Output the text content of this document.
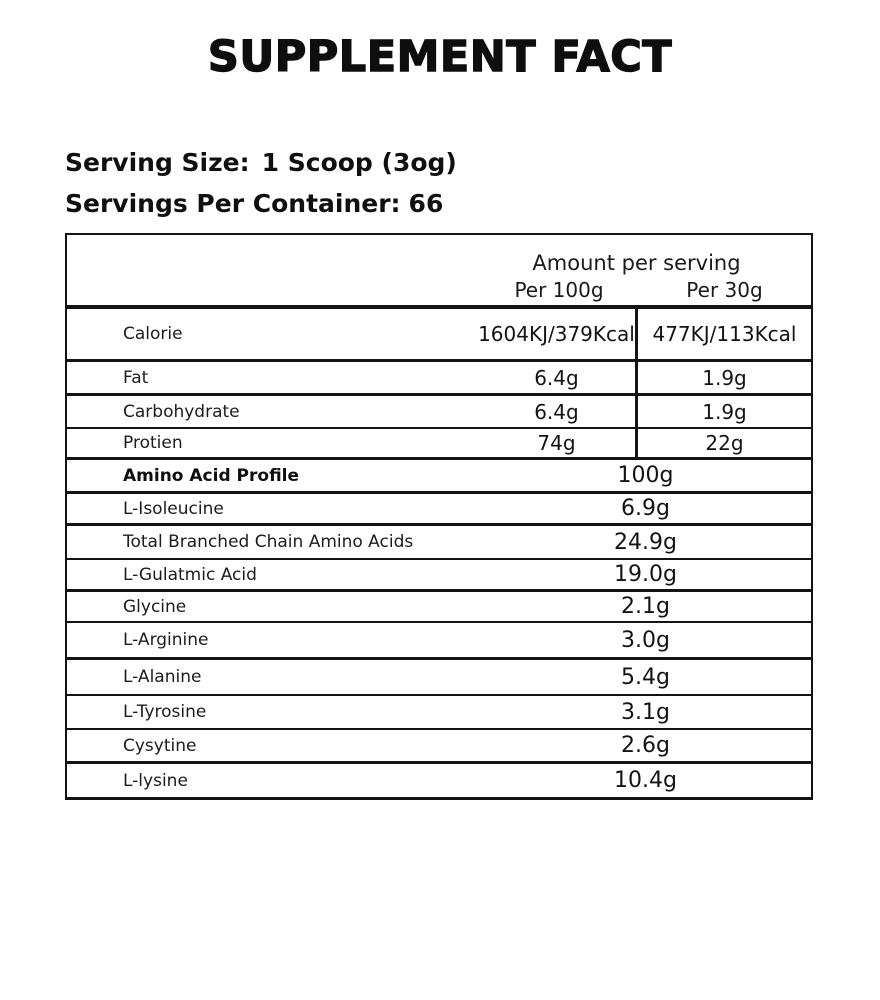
SUPPLEMENT FACT
Serving Size: 1 Scoop (3og)
Servings Per Container: 66
Amount per serving
Per 100g	Per 30g
Calorie	1604KJ/379Kcal 477KJ/113Kcal
Fat	6.4g	1.9g
Carbohydrate	6.4g	1.9g
Protien	74g	22g
Amino Acid Profile	100g
L-Isoleucine	6.9g
Total Branched Chain Amino Acids	24.9g
L-Gulatmic Acid	19.0g
Glycine	2.1g
L-Arginine	3.0g
L-Alanine	5.4g
L-Tyrosine	3.1g
Cysytine	2.6g
L-lysine	10.4g
